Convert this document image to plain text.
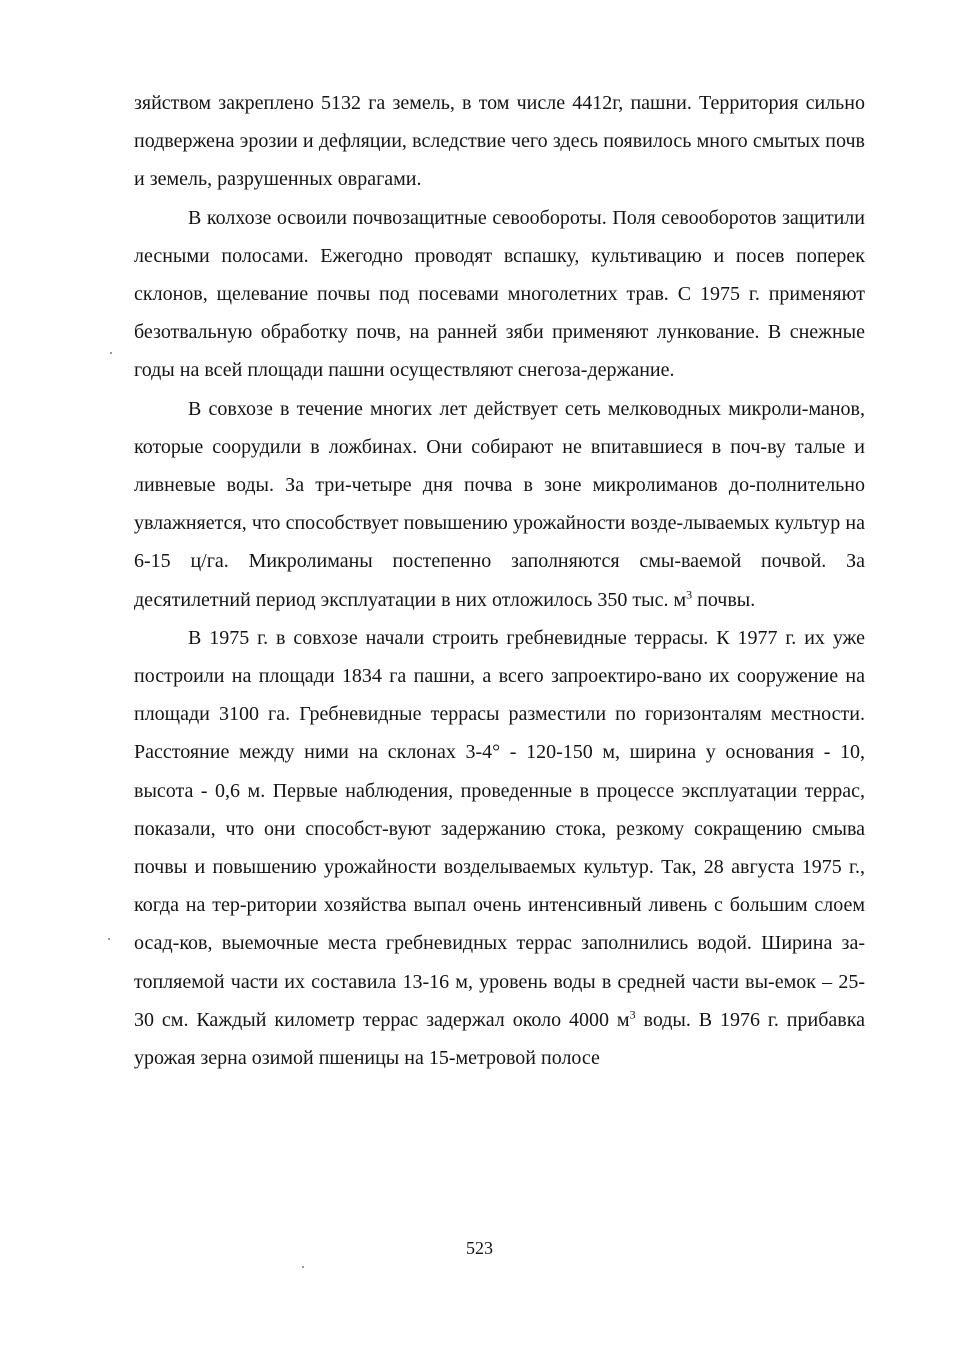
зяйством закреплено 5132 га земель, в том числе 4412г, пашни. Территория сильно подвержена эрозии и дефляции, вследствие чего здесь появилось много смытых почв и земель, разрушенных оврагами.

В колхозе освоили почвозащитные севообороты. Поля севооборотов защитили лесными полосами. Ежегодно проводят вспашку, культивацию и посев поперек склонов, щелевание почвы под посевами многолетних трав. С 1975 г. применяют безотвальную обработку почв, на ранней зяби применяют лункование. В снежные годы на всей площади пашни осуществляют снегоза-держание.

В совхозе в течение многих лет действует сеть мелководных микроли-манов, которые соорудили в ложбинах. Они собирают не впитавшиеся в поч-ву талые и ливневые воды. За три-четыре дня почва в зоне микролиманов до-полнительно увлажняется, что способствует повышению урожайности возде-лываемых культур на 6-15 ц/га. Микролиманы постепенно заполняются смы-ваемой почвой. За десятилетний период эксплуатации в них отложилось 350 тыс. $м^3$ почвы.

В 1975 г. в совхозе начали строить гребневидные террасы. К 1977 г. их уже построили на площади 1834 га пашни, а всего запроектиро-вано их сооружение на площади 3100 га. Гребневидные террасы разместили по горизонталям местности. Расстояние между ними на склонах 3-4° - 120-150 м, ширина у основания - 10, высота - 0,6 м. Первые наблюдения, проведенные в процессе эксплуатации террас, показали, что они способст-вуют задержанию стока, резкому сокращению смыва почвы и повышению урожайности возделываемых культур. Так, 28 августа 1975 г., когда на тер-ритории хозяйства выпал очень интенсивный ливень с большим слоем осад-ков, выемочные места гребневидных террас заполнились водой. Ширина за-топляемой части их составила 13-16 м, уровень воды в средней части вы-емок – 25-30 см. Каждый километр террас задержал около 4000 $м^3$ воды. В 1976 г. прибавка урожая зерна озимой пшеницы на 15-метровой полосе

523
